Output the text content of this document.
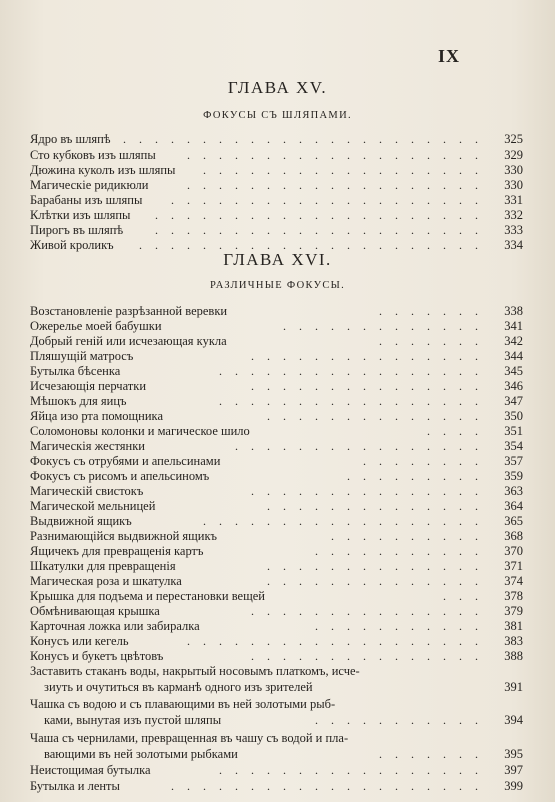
IX
ГЛАВА XV.
ФОКУСЫ СЪ ШЛЯПАМИ.
Ядро въ шляпѣ	. . . . . . . . . . . . . . . . . . . . . . .	325
Сто кубковъ изъ шляпы	. . . . . . . . . . . . . . . . . . .	329
Дюжина куколъ изъ шляпы	. . . . . . . . . . . . . . . . . .	330
Магическіе ридикюли	. . . . . . . . . . . . . . . . . . .	330
Барабаны изъ шляпы	. . . . . . . . . . . . . . . . . . . .	331
Клѣтки изъ шляпы	. . . . . . . . . . . . . . . . . . . . .	332
Пирогъ въ шляпѣ	. . . . . . . . . . . . . . . . . . . . .	333
Живой кроликъ	. . . . . . . . . . . . . . . . . . . . . .	334
ГЛАВА XVI.
РАЗЛИЧНЫЕ ФОКУСЫ.
Возстановленіе разрѣзанной веревки	. . . . . . .	338
Ожерелье моей бабушки	. . . . . . . . . . . . .	341
Добрый геній или исчезающая кукла	. . . . . . .	342
Пляшущій матросъ	. . . . . . . . . . . . . . .	344
Бутылка бѣсенка	. . . . . . . . . . . . . . . . .	345
Исчезающія перчатки	. . . . . . . . . . . . . . .	346
Мѣшокъ для яицъ	. . . . . . . . . . . . . . . . .	347
Яйца изо рта помощника	. . . . . . . . . . . . . .	350
Соломоновы колонки и магическое шило	. . . .	351
Магическія жестянки	. . . . . . . . . . . . . . . .	354
Фокусъ съ отрубями и апельсинами	. . . . . . . .	357
Фокусъ съ рисомъ и апельсиномъ	. . . . . . . . .	359
Магическій свистокъ	. . . . . . . . . . . . . . .	363
Магической мельницей	. . . . . . . . . . . . . .	364
Выдвижной ящикъ	. . . . . . . . . . . . . . . . . .	365
Разнимающійся выдвижной ящикъ	. . . . . . . . . .	368
Ящичекъ для превращенія картъ	. . . . . . . . . . .	370
Шкатулки для превращенія	. . . . . . . . . . . . . .	371
Магическая роза и шкатулка	. . . . . . . . . . . . . .	374
Крышка для подъема и перестановки вещей	. . .	378
Обмѣнивающая крышка	. . . . . . . . . . . . . . .	379
Карточная ложка или забиралка	. . . . . . . . . . .	381
Конусъ или кегель	. . . . . . . . . . . . . . . . . . .	383
Конусъ и букетъ цвѣтовъ	. . . . . . . . . . . . . . .	388
Заставить стаканъ воды, накрытый носовымъ платкомъ, исче-
зиуть и очутиться въ карманѣ одного изъ зрителей	391
Чашка съ водою и съ плавающими въ ней золотыми рыб-
ками, вынутая изъ пустой шляпы	. . . . . . . . . . .	394
Чаша съ чернилами, превращенная въ чашу съ водой и пла-
вающими въ ней золотыми рыбками	. . . . . . .	395
Неистощимая бутылка	. . . . . . . . . . . . . . . . .	397
Бутылка и ленты	. . . . . . . . . . . . . . . . . . . .	399
